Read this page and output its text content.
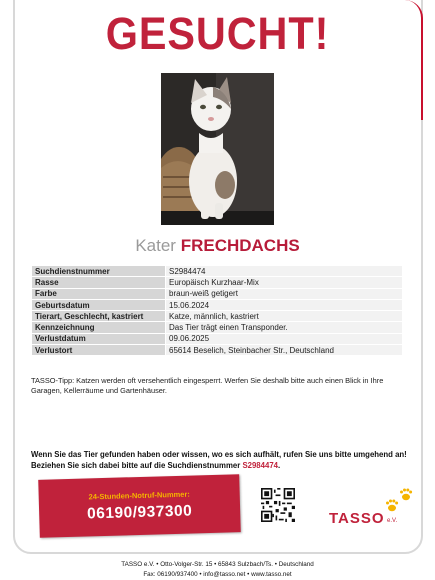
GESUCHT!
Kater FRECHDACHS
Suchdienstnummer	S2984474
Rasse	Europäisch Kurzhaar-Mix
Farbe	braun-weiß getigert
Geburtsdatum	15.06.2024
Tierart, Geschlecht, kastriert	Katze, männlich, kastriert
Kennzeichnung	Das Tier trägt einen Transponder.
Verlustdatum	09.06.2025
Verlustort	65614 Beselich, Steinbacher Str., Deutschland
TASSO-Tipp: Katzen werden oft versehentlich eingesperrt. Werfen Sie deshalb bitte auch einen Blick in Ihre Garagen, Kellerräume und Gartenhäuser.
Wenn Sie das Tier gefunden haben oder wissen, wo es sich aufhält, rufen Sie uns bitte umgehend an! Beziehen Sie sich dabei bitte auf die Suchdienstnummer S2984474.
24-Stunden-Notruf-Nummer:
06190/937300	TASSO e.V.
TASSO e.V. • Otto-Volger-Str. 15 • 65843 Sulzbach/Ts. • Deutschland
Fax: 06190/937400 • info@tasso.net • www.tasso.net
